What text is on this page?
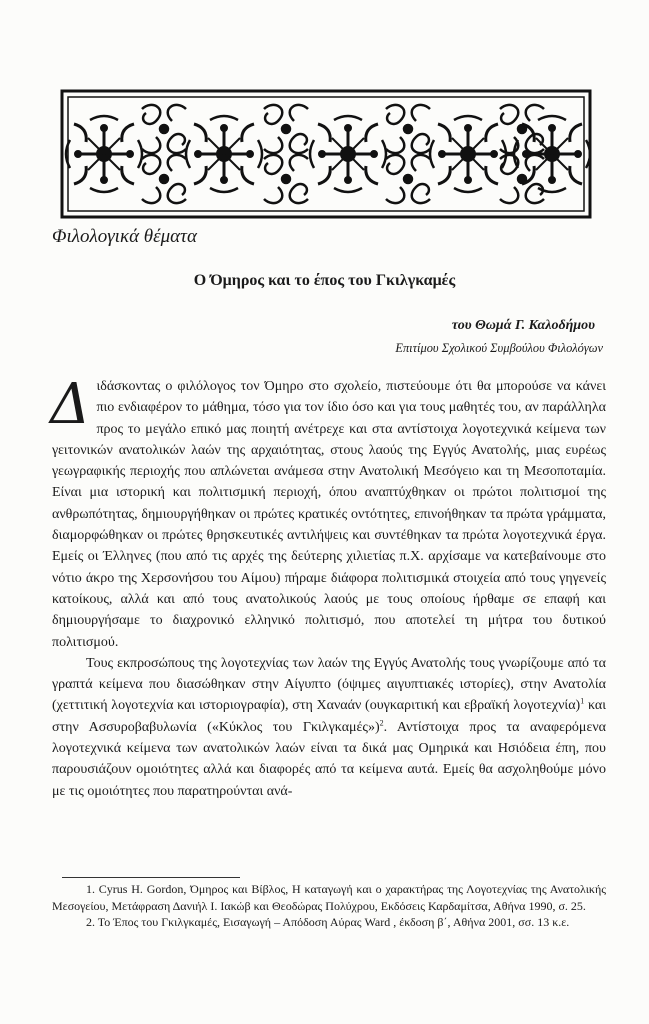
Φιλολογικά θέματα
Ο Όμηρος και το έπος του Γκιλγκαμές
του Θωμά Γ. Καλοδήμου
Επιτίμου Σχολικού Συμβούλου Φιλολόγων

Διδάσκοντας ο φιλόλογος τον Όμηρο στο σχολείο, πιστεύουμε ότι θα μπορούσε να κάνει πιο ενδιαφέρον το μάθημα, τόσο για τον ίδιο όσο και για τους μαθητές του, αν παράλληλα προς το μεγάλο επικό μας ποιητή ανέτρεχε και στα αντίστοιχα λογοτεχνικά κείμενα των γειτονικών ανατολικών λαών της αρχαιότητας, στους λαούς της Εγγύς Ανατολής, μιας ευρέως γεωγραφικής περιοχής που απλώνεται ανάμεσα στην Ανατολική Μεσόγειο και τη Μεσοποταμία. Είναι μια ιστορική και πολιτισμική περιοχή, όπου αναπτύχθηκαν οι πρώτοι πολιτισμοί της ανθρωπότητας, δημιουργήθηκαν οι πρώτες κρατικές οντότητες, επινοήθηκαν τα πρώτα γράμματα, διαμορφώθηκαν οι πρώτες θρησκευτικές αντιλήψεις και συντέθηκαν τα πρώτα λογοτεχνικά έργα. Εμείς οι Έλληνες (που από τις αρχές της δεύτερης χιλιετίας π.Χ. αρχίσαμε να κατεβαίνουμε στο νότιο άκρο της Χερσονήσου του Αίμου) πήραμε διάφορα πολιτισμικά στοιχεία από τους γηγενείς κατοίκους, αλλά και από τους ανατολικούς λαούς με τους οποίους ήρθαμε σε επαφή και δημιουργήσαμε το διαχρονικό ελληνικό πολιτισμό, που αποτελεί τη μήτρα του δυτικού πολιτισμού.

Τους εκπροσώπους της λογοτεχνίας των λαών της Εγγύς Ανατολής τους γνωρίζουμε από τα γραπτά κείμενα που διασώθηκαν στην Αίγυπτο (όψιμες αιγυπτιακές ιστορίες), στην Ανατολία (χεττιτική λογοτεχνία και ιστοριογραφία), στη Χαναάν (ουγκαριτική και εβραϊκή λογοτεχνία)$^1$ και στην Ασσυροβαβυλωνία («Κύκλος του Γκιλγκαμές»)$^2$. Αντίστοιχα προς τα αναφερόμενα λογοτεχνικά κείμενα των ανατολικών λαών είναι τα δικά μας Ομηρικά και Ησιόδεια έπη, που παρουσιάζουν ομοιότητες αλλά και διαφορές από τα κείμενα αυτά. Εμείς θα ασχοληθούμε μόνο με τις ομοιότητες που παρατηρούνται ανά-

1. Cyrus H. Gordon, Όμηρος και Βίβλος, Η καταγωγή και ο χαρακτήρας της Λογοτεχνίας της Ανατολικής Μεσογείου, Μετάφραση Δανιήλ Ι. Ιακώβ και Θεοδώρας Πολύχρου, Εκδόσεις Καρδαμίτσα, Αθήνα 1990, σ. 25.

2. Το Έπος του Γκιλγκαμές, Εισαγωγή – Απόδοση Αύρας Ward , έκδοση β΄, Αθήνα 2001, σσ. 13 κ.ε.
